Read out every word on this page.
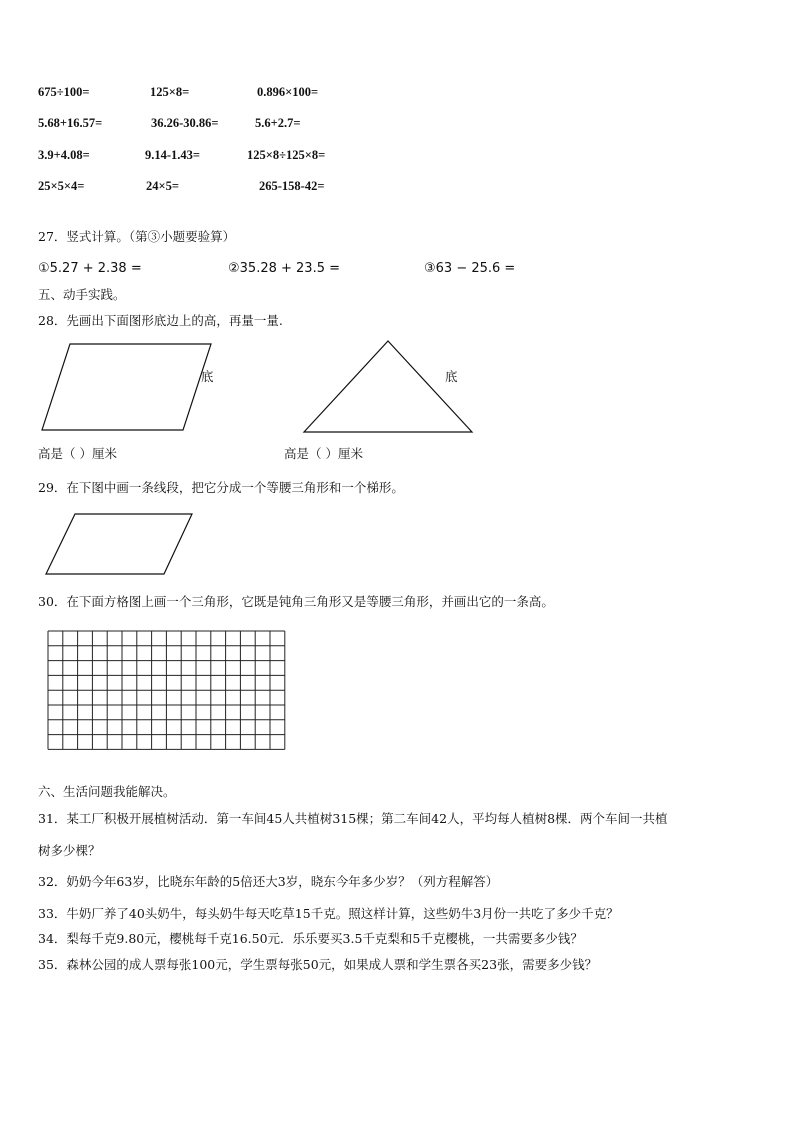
675÷100=	125×8=	0.896×100=
5.68+16.57=	36.26-30.86=	5.6+2.7=
3.9+4.08=	9.14-1.43=	125×8÷125×8=
25×5×4=	24×5=	265-158-42=
27．竖式计算。（第③小题要验算）
①5.27 + 2.38 =	②35.28 + 23.5 =	③63 − 25.6 =
五、动手实践。
28．先画出下面图形底边上的高，再量一量.
底	底
高是（ ）厘米	高是（ ）厘米
29．在下图中画一条线段，把它分成一个等腰三角形和一个梯形。
30．在下面方格图上画一个三角形，它既是钝角三角形又是等腰三角形，并画出它的一条高。
六、生活问题我能解决。
31．某工厂积极开展植树活动．第一车间45人共植树315棵；第二车间42人，平均每人植树8棵．两个车间一共植
树多少棵？
32．奶奶今年63岁，比晓东年龄的5倍还大3岁，晓东今年多少岁？（列方程解答）
33．牛奶厂养了40头奶牛，每头奶牛每天吃草15千克。照这样计算，这些奶牛3月份一共吃了多少千克？
34．梨每千克9.80元，樱桃每千克16.50元．乐乐要买3.5千克梨和5千克樱桃，一共需要多少钱？
35．森林公园的成人票每张100元，学生票每张50元，如果成人票和学生票各买23张，需要多少钱？
